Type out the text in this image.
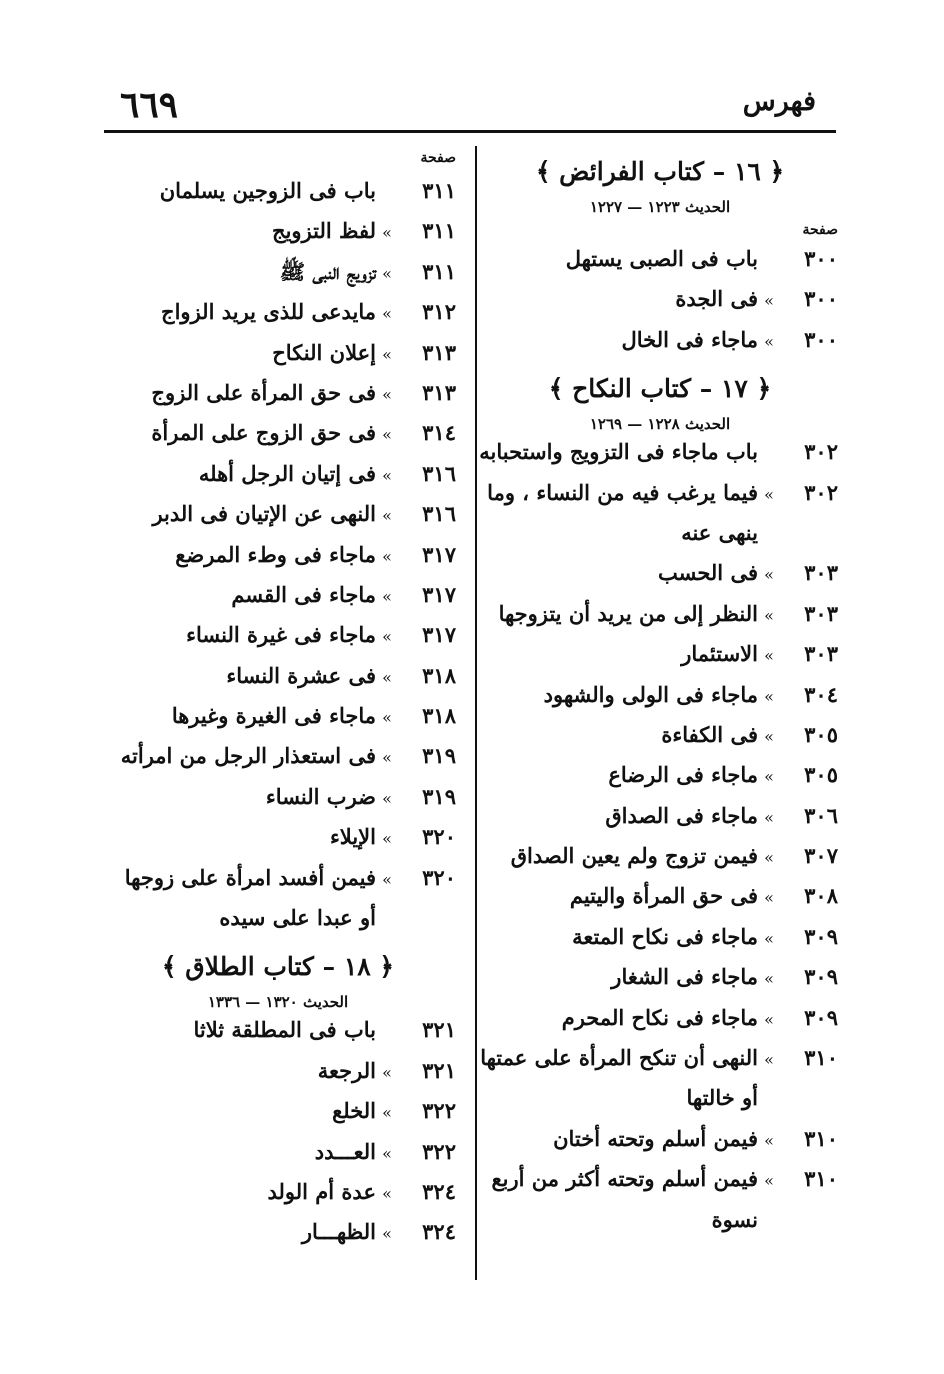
فهرس
٦٦٩
﴿ ١٦ – كتاب الفرائض ﴾
الحديث ١٢٢٣ — ١٢٢٧
صفحة
٣٠٠
باب فى الصبى يستهل
٣٠٠
»
فى الجدة
٣٠٠
»
ماجاء فى الخال
﴿ ١٧ – كتاب النكاح ﴾
الحديث ١٢٢٨ — ١٢٦٩
٣٠٢
باب ماجاء فى التزويج واستحبابه
٣٠٢
»
فيما يرغب فيه من النساء ، وما
ينهى عنه
٣٠٣
»
فى الحسب
٣٠٣
»
النظر إلى من يريد أن يتزوجها
٣٠٣
»
الاستئمار
٣٠٤
»
ماجاء فى الولى والشهود
٣٠٥
»
فى الكفاءة
٣٠٥
»
ماجاء فى الرضاع
٣٠٦
»
ماجاء فى الصداق
٣٠٧
»
فيمن تزوج ولم يعين الصداق
٣٠٨
»
فى حق المرأة واليتيم
٣٠٩
»
ماجاء فى نكاح المتعة
٣٠٩
»
ماجاء فى الشغار
٣٠٩
»
ماجاء فى نكاح المحرم
٣١٠
»
النهى أن تنكح المرأة على عمتها
أو خالتها
٣١٠
»
فيمن أسلم وتحته أختان
٣١٠
»
فيمن أسلم وتحته أكثر من أربع
نسوة
صفحة
٣١١
باب فى الزوجين يسلمان
٣١١
»
لفظ التزويج
٣١١
»
تزويج النبى ﷺ
٣١٢
»
مايدعى للذى يريد الزواج
٣١٣
»
إعلان النكاح
٣١٣
»
فى حق المرأة على الزوج
٣١٤
»
فى حق الزوج على المرأة
٣١٦
»
فى إتيان الرجل أهله
٣١٦
»
النهى عن الإتيان فى الدبر
٣١٧
»
ماجاء فى وطء المرضع
٣١٧
»
ماجاء فى القسم
٣١٧
»
ماجاء فى غيرة النساء
٣١٨
»
فى عشرة النساء
٣١٨
»
ماجاء فى الغيرة وغيرها
٣١٩
»
فى استعذار الرجل من امرأته
٣١٩
»
ضرب النساء
٣٢٠
»
الإيلاء
٣٢٠
»
فيمن أفسد امرأة على زوجها
أو عبدا على سيده
﴿ ١٨ – كتاب الطلاق ﴾
الحديث ١٣٢٠ — ١٣٣٦
٣٢١
باب فى المطلقة ثلاثا
٣٢١
»
الرجعة
٣٢٢
»
الخلع
٣٢٢
»
العـــدد
٣٢٤
»
عدة أم الولد
٣٢٤
»
الظهـــار
